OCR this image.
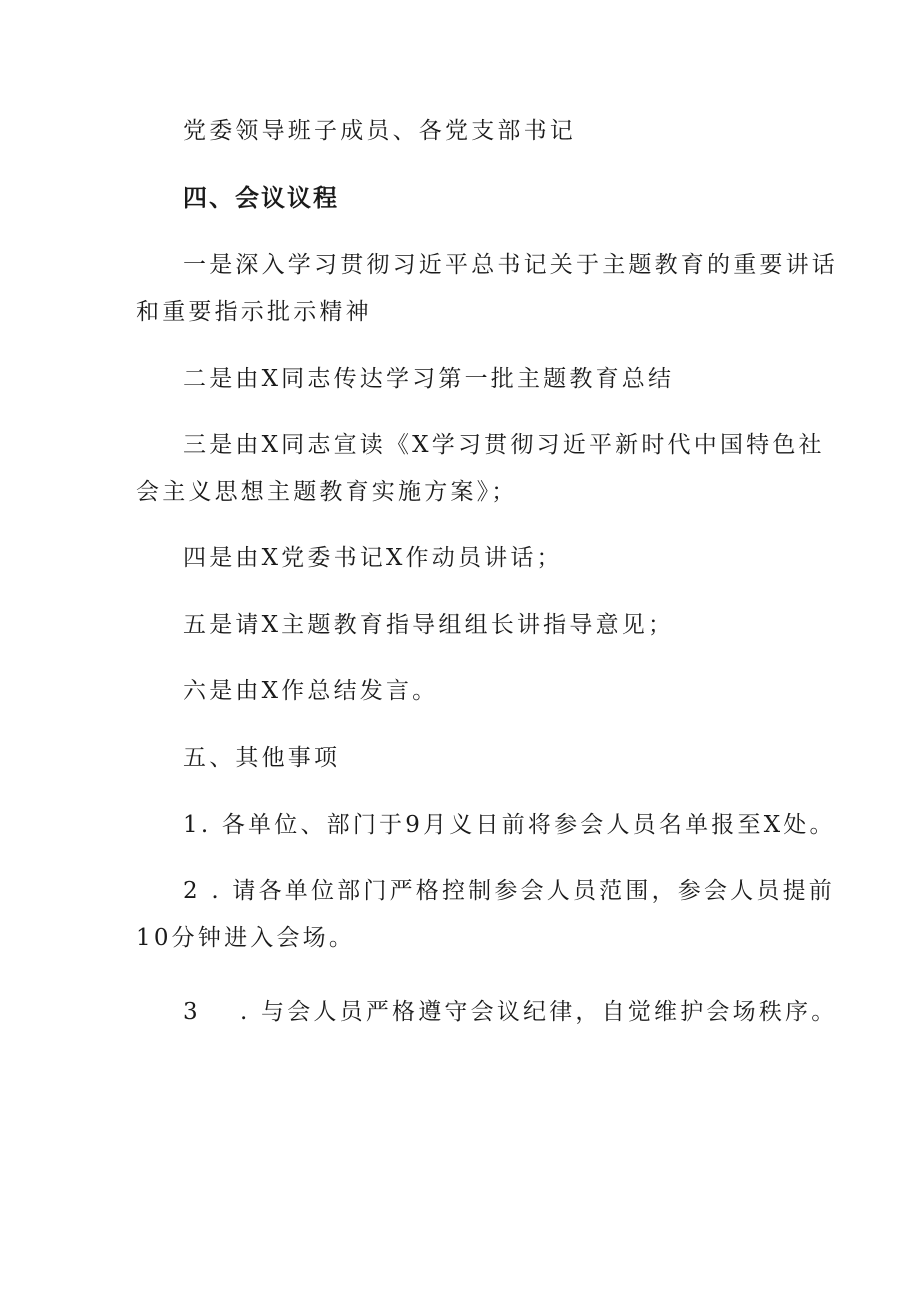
党委领导班子成员、各党支部书记
四、会议议程
一是深入学习贯彻习近平总书记关于主题教育的重要讲话
和重要指示批示精神
二是由X同志传达学习第一批主题教育总结
三是由X同志宣读《X学习贯彻习近平新时代中国特色社
会主义思想主题教育实施方案》；
四是由X党委书记X作动员讲话；
五是请X主题教育指导组组长讲指导意见；
六是由X作总结发言。
五、其他事项
1. 各单位、部门于9月义日前将参会人员名单报至X处。
2 . 请各单位部门严格控制参会人员范围，参会人员提前
10分钟进入会场。
3 . 与会人员严格遵守会议纪律，自觉维护会场秩序。
